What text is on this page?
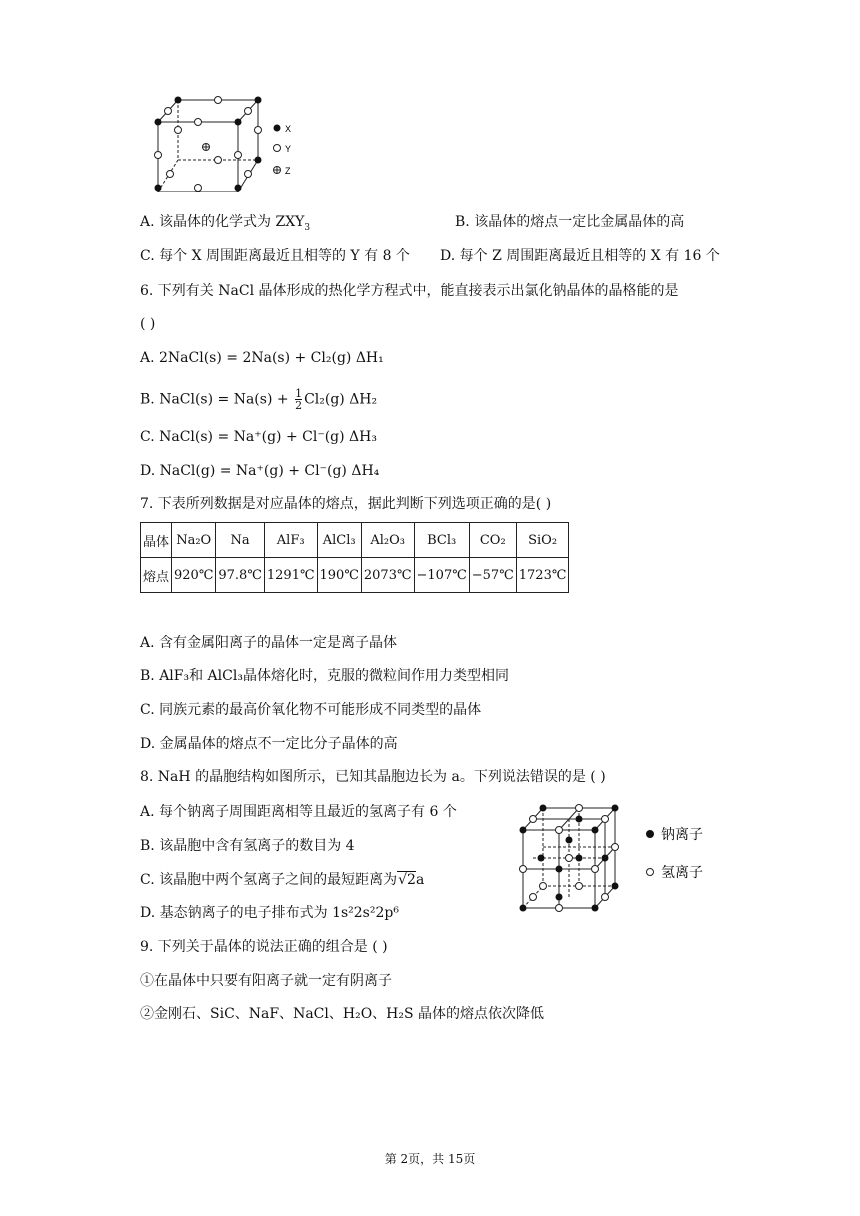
X
Y
Z
A. 该晶体的化学式为 $ZXY_3$	B. 该晶体的熔点一定比金属晶体的高
C. 每个 X 周围距离最近且相等的 Y 有 8 个 D. 每个 Z 周围距离最近且相等的 X 有 16 个
6. 下列有关 NaCl 晶体形成的热化学方程式中，能直接表示出氯化钠晶体的晶格能的是
( )
A. 2NaCl(s) = 2Na(s) + Cl₂(g) ΔH₁
B. NaCl(s) = $Na(s) + \frac{1}{2} Cl_2(g)$ ΔH₂
C. NaCl(s) = Na⁺(g) + Cl⁻(g) ΔH₃
D. NaCl(g) = Na⁺(g) + Cl⁻(g) ΔH₄
7. 下表所列数据是对应晶体的熔点，据此判断下列选项正确的是( )
晶体	Na₂O	Na	AlF₃	AlCl₃	Al₂O₃	BCl₃	CO₂	SiO₂
熔点	920℃	97.8℃	1291℃	190℃	2073℃	−107℃	−57℃	1723℃
A. 含有金属阳离子的晶体一定是离子晶体
B. AlF₃和 AlCl₃晶体熔化时，克服的微粒间作用力类型相同
C. 同族元素的最高价氧化物不可能形成不同类型的晶体
D. 金属晶体的熔点不一定比分子晶体的高
8. NaH 的晶胞结构如图所示，已知其晶胞边长为 a。下列说法错误的是 ( )
A. 每个钠离子周围距离相等且最近的氢离子有 6 个
B. 该晶胞中含有氢离子的数目为 4
C. 该晶胞中两个氢离子之间的最短距离为√2a
D. 基态钠离子的电子排布式为 1s²2s²2p⁶
钠离子
氢离子
9. 下列关于晶体的说法正确的组合是 ( )
①在晶体中只要有阳离子就一定有阴离子
②金刚石、SiC、NaF、NaCl、H₂O、H₂S 晶体的熔点依次降低
第 2页，共 15页
